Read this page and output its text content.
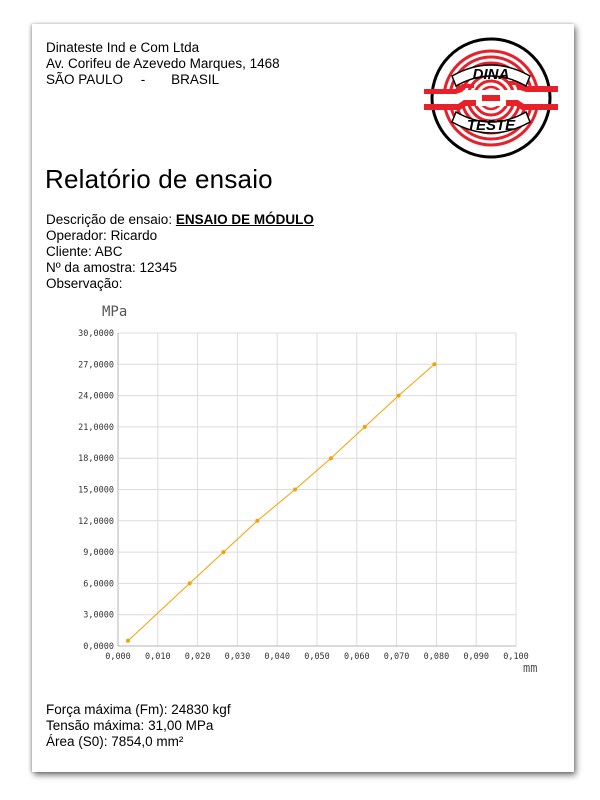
Dinateste Ind e Com Ltda
Av. Corifeu de Azevedo Marques, 1468
SÃO PAULO - BRASIL	DINA
TESTE
Relatório de ensaio
Descrição de ensaio: ENSAIO DE MÓDULO
Operador: Ricardo
Cliente: ABC
Nº da amostra: 12345
Observação:
0,000 0,010 0,020 0,030 0,040 0,050 0,060 0,070 0,080 0,090 0,100
0,0000
3,0000
6,0000
9,0000
12,0000
15,0000
18,0000
21,0000
24,0000
27,0000
30,0000
MPa
mm
Força máxima (Fm): 24830 kgf
Tensão máxima: 31,00 MPa
Área (S0): 7854,0 mm²
